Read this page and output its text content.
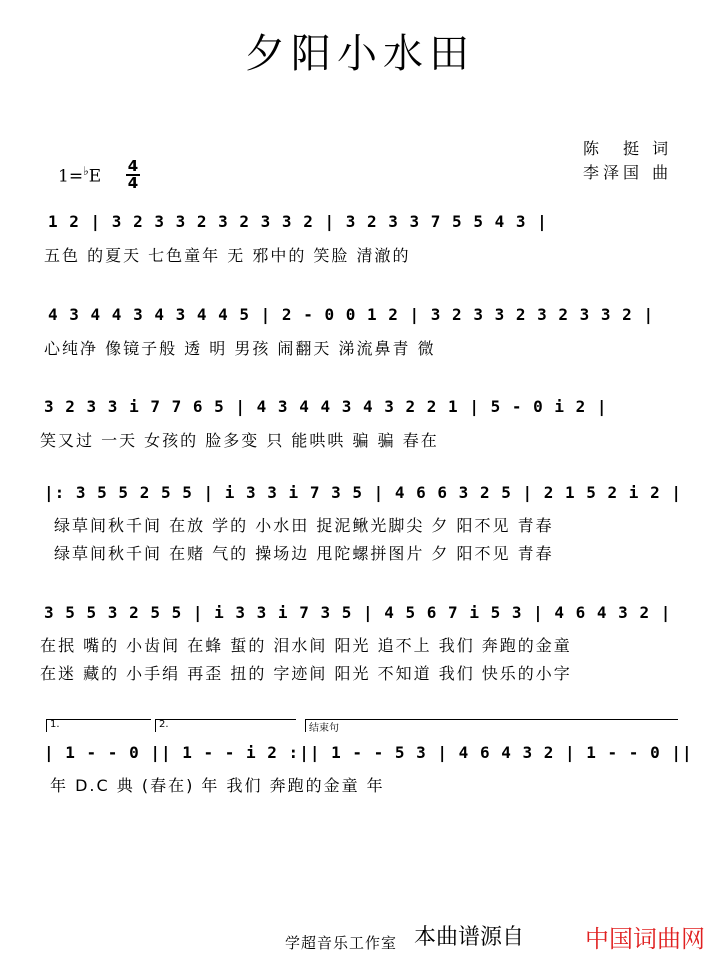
夕阳小水田
陈　挺 词
李泽国 曲
1=♭E
4
4
1 2 | 3 2 3 3 2 3 2 3 3 2 | 3 2 3 3 7 5 5 4 3 |
五色 的夏天 七色童年 无 邪中的 笑脸 清澈的
4 3 4 4 3 4 3 4 4 5 | 2 - 0 0 1 2 | 3 2 3 3 2 3 2 3 3 2 |
心纯净 像镜子般 透 明 男孩 闹翻天 涕流鼻青 微
3 2 3 3 i 7 7 6 5 | 4 3 4 4 3 4 3 2 2 1 | 5 - 0 i 2 |
笑又过 一天 女孩的 脸多变 只 能哄哄 骗 骗 春在
|: 3 5 5 2 5 5 | i 3 3 i 7 3 5 | 4 6 6 3 2 5 | 2 1 5 2 i 2 |
绿草间秋千间 在放 学的 小水田 捉泥鳅光脚尖 夕 阳不见 青春
绿草间秋千间 在赌 气的 操场边 甩陀螺拼图片 夕 阳不见 青春
3 5 5 3 2 5 5 | i 3 3 i 7 3 5 | 4 5 6 7 i 5 3 | 4 6 4 3 2 |
在抿 嘴的 小齿间 在蜂 蜇的 泪水间 阳光 追不上 我们 奔跑的金童
在迷 藏的 小手绢 再歪 扭的 字迹间 阳光 不知道 我们 快乐的小字
1.	2.	结束句
| 1 - - 0 || 1 - - i 2 :|| 1 - - 5 3 | 4 6 4 3 2 | 1 - - 0 ||
年 D.C 典 (春在) 年 我们 奔跑的金童 年
学超音乐工作室 本曲谱源自	中国词曲网
